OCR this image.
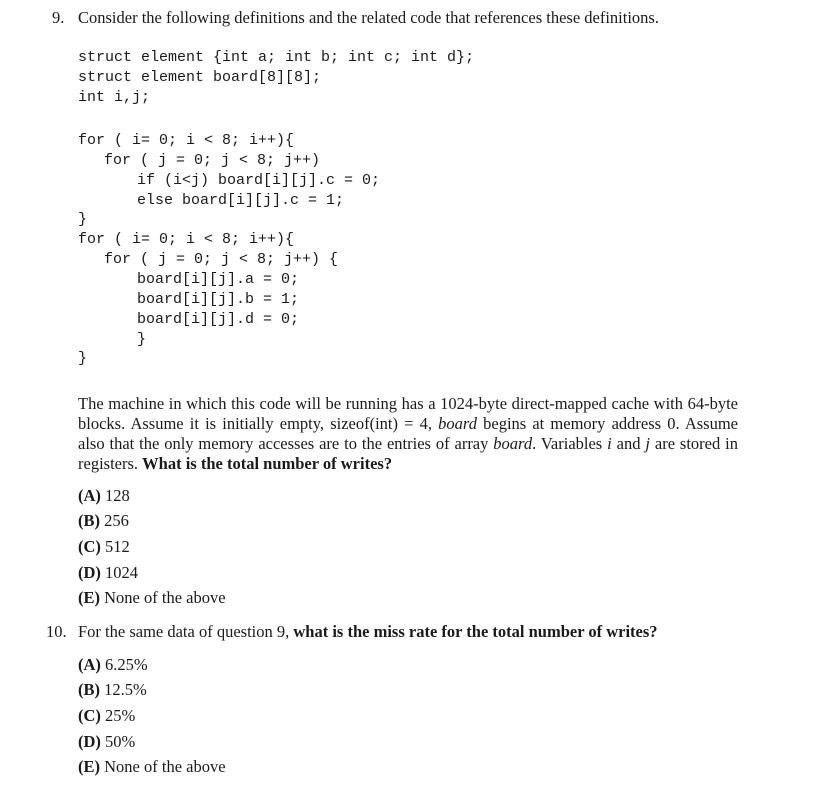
9. Consider the following definitions and the related code that references these definitions.
struct element {int a; int b; int c; int d};
struct element board[8][8];
int i,j;
for ( i= 0; i < 8; i++){
for ( j = 0; j < 8; j++)
if (i<j) board[i][j].c = 0;
else board[i][j].c = 1;
}
for ( i= 0; i < 8; i++){
for ( j = 0; j < 8; j++) {
board[i][j].a = 0;
board[i][j].b = 1;
board[i][j].d = 0;
}
}
The machine in which this code will be running has a 1024-byte direct-mapped cache with 64-byte blocks. Assume it is initially empty, sizeof(int) = 4, board begins at memory address 0. Assume also that the only memory accesses are to the entries of array board. Variables i and j are stored in registers. What is the total number of writes?
(A) 128
(B) 256
(C) 512
(D) 1024
(E) None of the above
10. For the same data of question 9, what is the miss rate for the total number of writes?
(A) 6.25%
(B) 12.5%
(C) 25%
(D) 50%
(E) None of the above
